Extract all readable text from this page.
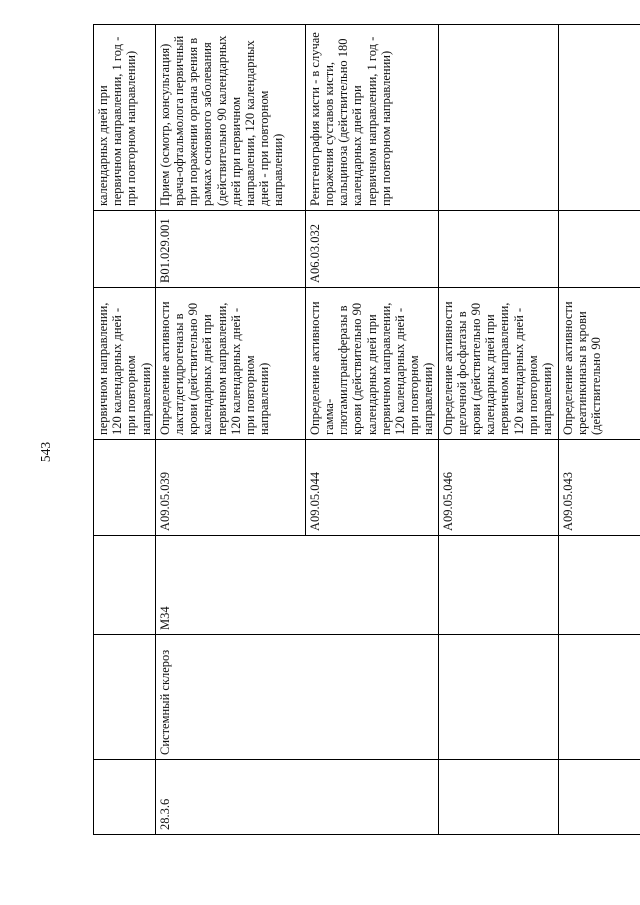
543
				первичном направлении, 120 календарных дней - при повторном направлении)		календарных дней при первичном направлении, 1 год - при повторном направлении)
28.3.6	Системный склероз	M34	A09.05.039	Определение активности лактатдегидрогеназы в крови (действительно 90 календарных дней при первичном направлении, 120 календарных дней - при повторном направлении)	B01.029.001	Прием (осмотр, консультация) врача-офтальмолога первичный при поражении органа зрения в рамках основного заболевания (действительно 90 календарных дней при первичном направлении, 120 календарных дней - при повторном направлении)
			A09.05.044	Определение активности гамма-глютамилтрансферазы в крови (действительно 90 календарных дней при первичном направлении, 120 календарных дней - при повторном направлении)	A06.03.032	Рентгенография кисти - в случае поражения суставов кисти, кальциноза (действительно 180 календарных дней при первичном направлении, 1 год - при повторном направлении)
			A09.05.046	Определение активности щелочной фосфатазы в крови (действительно 90 календарных дней при первичном направлении, 120 календарных дней - при повторном направлении)		
			A09.05.043	Определение активности креатинкиназы в крови (действительно 90		
